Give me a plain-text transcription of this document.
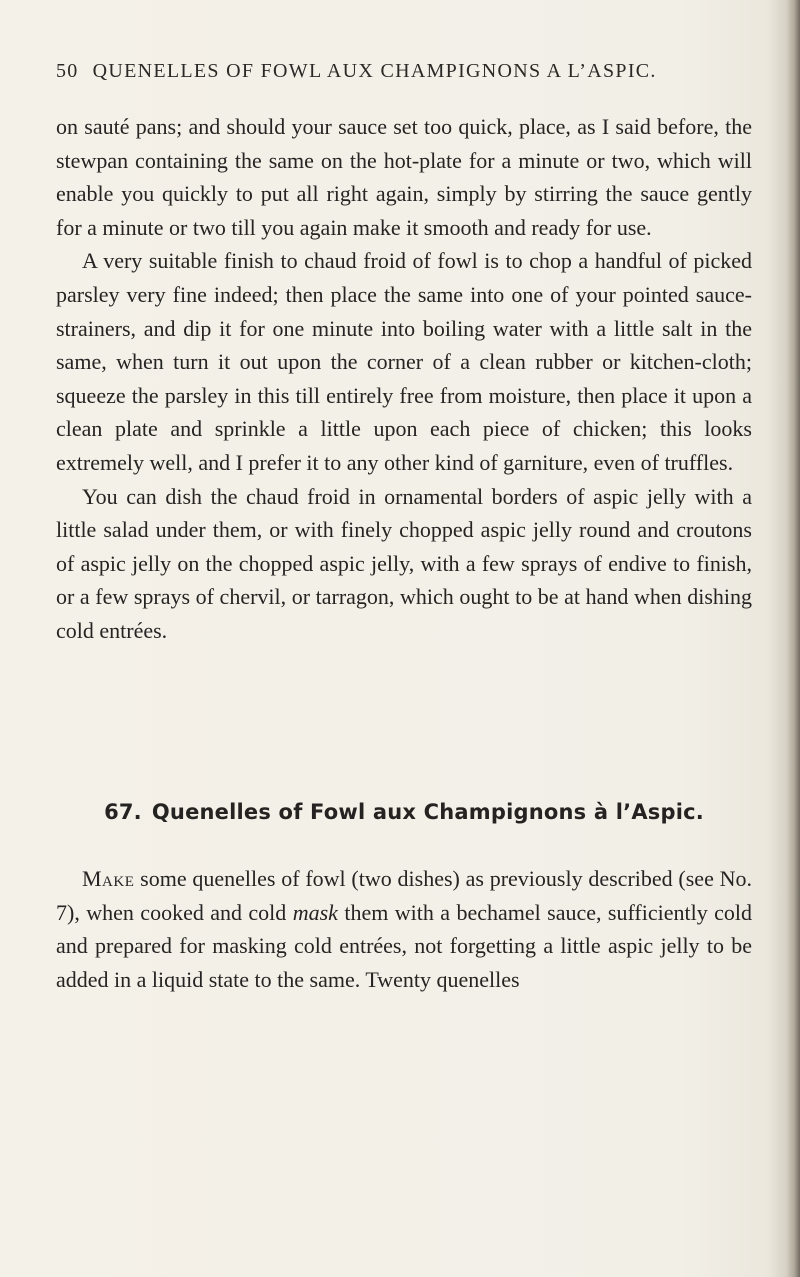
50 QUENELLES OF FOWL AUX CHAMPIGNONS A L’ASPIC.

on sauté pans; and should your sauce set too quick, place, as I said before, the stewpan containing the same on the hot-plate for a minute or two, which will enable you quickly to put all right again, simply by stirring the sauce gently for a minute or two till you again make it smooth and ready for use.

A very suitable finish to chaud froid of fowl is to chop a handful of picked parsley very fine indeed; then place the same into one of your pointed sauce-strainers, and dip it for one minute into boiling water with a little salt in the same, when turn it out upon the corner of a clean rubber or kitchen-cloth; squeeze the parsley in this till entirely free from moisture, then place it upon a clean plate and sprinkle a little upon each piece of chicken; this looks extremely well, and I prefer it to any other kind of garniture, even of truffles.

You can dish the chaud froid in ornamental borders of aspic jelly with a little salad under them, or with finely chopped aspic jelly round and croutons of aspic jelly on the chopped aspic jelly, with a few sprays of endive to finish, or a few sprays of chervil, or tarragon, which ought to be at hand when dishing cold entrées.

67. Quenelles of Fowl aux Champignons à l’Aspic.

Make some quenelles of fowl (two dishes) as previously described (see No. 7), when cooked and cold mask them with a bechamel sauce, sufficiently cold and prepared for masking cold entrées, not forgetting a little aspic jelly to be added in a liquid state to the same. Twenty quenelles
